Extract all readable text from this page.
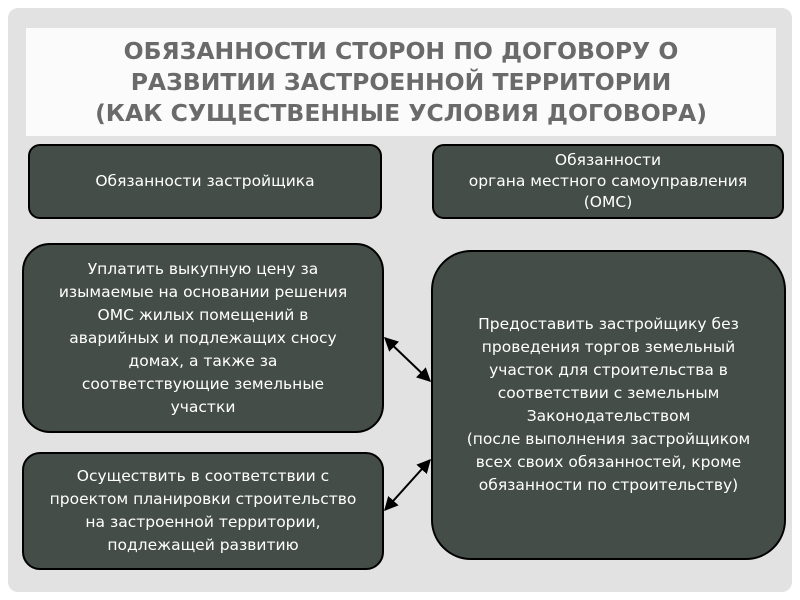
ОБЯЗАННОСТИ СТОРОН ПО ДОГОВОРУ О
РАЗВИТИИ ЗАСТРОЕННОЙ ТЕРРИТОРИИ
(КАК СУЩЕСТВЕННЫЕ УСЛОВИЯ ДОГОВОРА)
Обязанности застройщика
Обязанности
органа местного самоуправления
(ОМС)
Уплатить выкупную цену за
изымаемые на основании решения
ОМС жилых помещений в
аварийных и подлежащих сносу
домах, а также за
соответствующие земельные
участки
Осуществить в соответствии с
проектом планировки строительство
на застроенной территории,
подлежащей развитию
Предоставить застройщику без
проведения торгов земельный
участок для строительства в
соответствии с земельным
Законодательством
(после выполнения застройщиком
всех своих обязанностей, кроме
обязанности по строительству)
